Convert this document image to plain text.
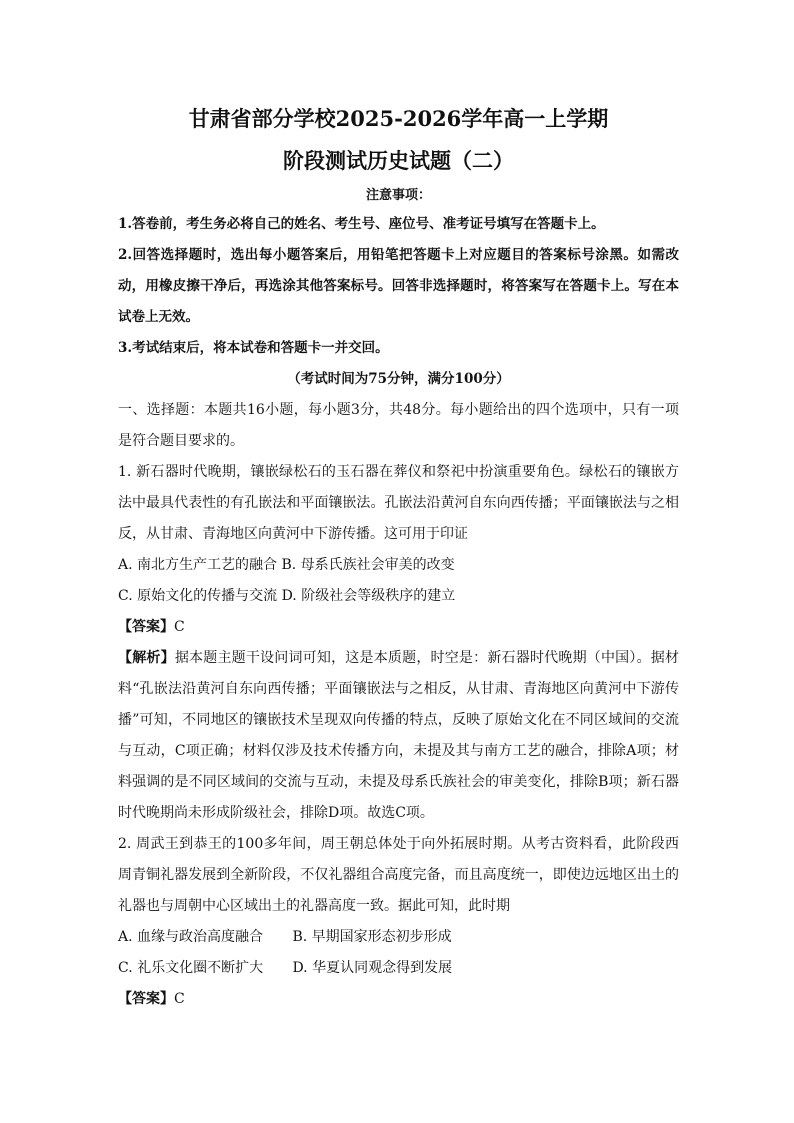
甘肃省部分学校2025-2026学年高一上学期
阶段测试历史试题（二）

注意事项：

1.答卷前，考生务必将自己的姓名、考生号、座位号、准考证号填写在答题卡上。

2.回答选择题时，选出每小题答案后，用铅笔把答题卡上对应题目的答案标号涂黑。如需改动，用橡皮擦干净后，再选涂其他答案标号。回答非选择题时，将答案写在答题卡上。写在本试卷上无效。

3.考试结束后，将本试卷和答题卡一并交回。

（考试时间为75分钟，满分100分）

一、选择题：本题共16小题，每小题3分，共48分。每小题给出的四个选项中，只有一项是符合题目要求的。

1. 新石器时代晚期，镶嵌绿松石的玉石器在葬仪和祭祀中扮演重要角色。绿松石的镶嵌方法中最具代表性的有孔嵌法和平面镶嵌法。孔嵌法沿黄河自东向西传播；平面镶嵌法与之相反，从甘肃、青海地区向黄河中下游传播。这可用于印证

A. 南北方生产工艺的融合 B. 母系氏族社会审美的改变

C. 原始文化的传播与交流 D. 阶级社会等级秩序的建立

【答案】C

【解析】据本题主题干设问词可知，这是本质题，时空是：新石器时代晚期（中国）。据材料“孔嵌法沿黄河自东向西传播；平面镶嵌法与之相反，从甘肃、青海地区向黄河中下游传播”可知，不同地区的镶嵌技术呈现双向传播的特点，反映了原始文化在不同区域间的交流与互动，C项正确；材料仅涉及技术传播方向，未提及其与南方工艺的融合，排除A项；材料强调的是不同区域间的交流与互动，未提及母系氏族社会的审美变化，排除B项；新石器时代晚期尚未形成阶级社会，排除D项。故选C项。

2. 周武王到恭王的100多年间，周王朝总体处于向外拓展时期。从考古资料看，此阶段西周青铜礼器发展到全新阶段，不仅礼器组合高度完备，而且高度统一，即使边远地区出土的礼器也与周朝中心区域出土的礼器高度一致。据此可知，此时期

A. 血缘与政治高度融合 B. 早期国家形态初步形成

C. 礼乐文化圈不断扩大 D. 华夏认同观念得到发展

【答案】C
